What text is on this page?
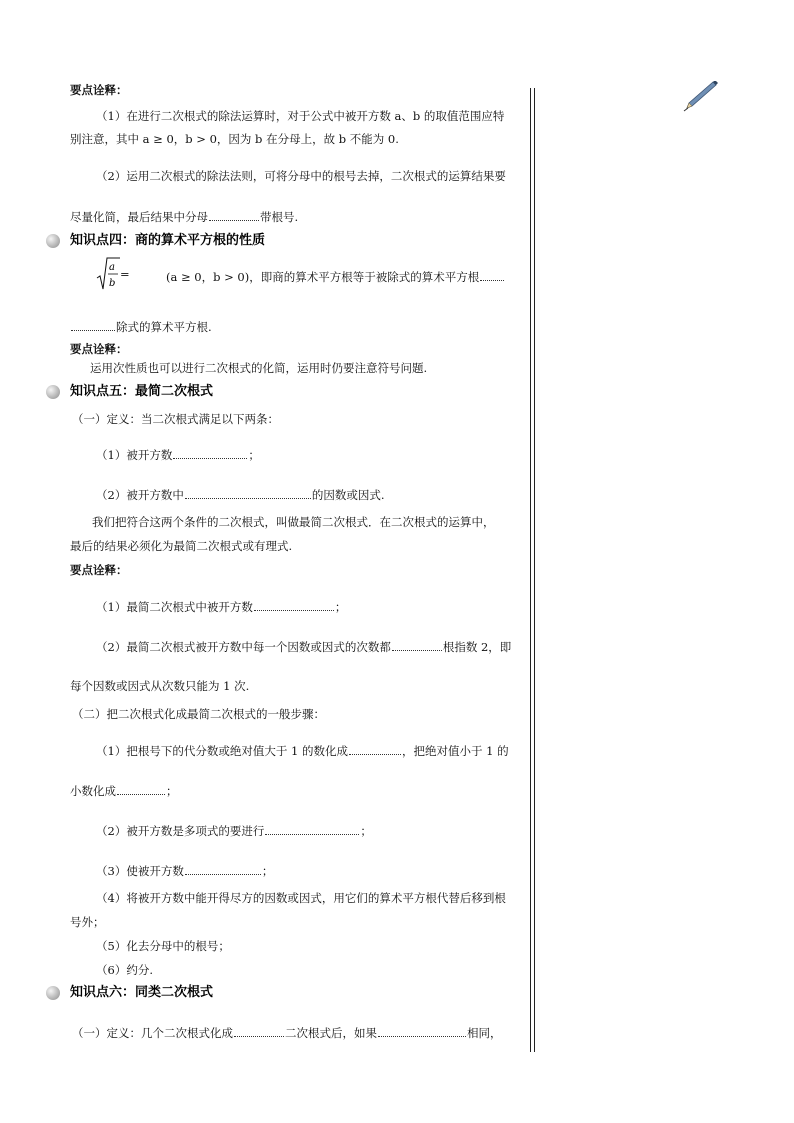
要点诠释：
（1）在进行二次根式的除法运算时，对于公式中被开方数 a、b 的取值范围应特
别注意，其中 a ≥ 0，b > 0，因为 b 在分母上，故 b 不能为 0.
（2）运用二次根式的除法法则，可将分母中的根号去掉，二次根式的运算结果要
尽量化简，最后结果中分母	带根号.
知识点四：商的算术平方根的性质
a
b
=	(a ≥ 0，b > 0)，即商的算术平方根等于被除式的算术平方根
除式的算术平方根.
要点诠释：
运用次性质也可以进行二次根式的化简，运用时仍要注意符号问题.
知识点五：最简二次根式
（一）定义：当二次根式满足以下两条：
（1）被开方数	；
（2）被开方数中	的因数或因式.
我们把符合这两个条件的二次根式，叫做最简二次根式．在二次根式的运算中，
最后的结果必须化为最简二次根式或有理式.
要点诠释：
（1）最简二次根式中被开方数	；
（2）最简二次根式被开方数中每一个因数或因式的次数都	根指数 2，即
每个因数或因式从次数只能为 1 次.
（二）把二次根式化成最简二次根式的一般步骤：
（1）把根号下的代分数或绝对值大于 1 的数化成	，把绝对值小于 1 的
小数化成	；
（2）被开方数是多项式的要进行	；
（3）使被开方数	；
（4）将被开方数中能开得尽方的因数或因式，用它们的算术平方根代替后移到根
号外；
（5）化去分母中的根号；
（6）约分.
知识点六：同类二次根式
（一）定义：几个二次根式化成	二次根式后，如果	相同，
